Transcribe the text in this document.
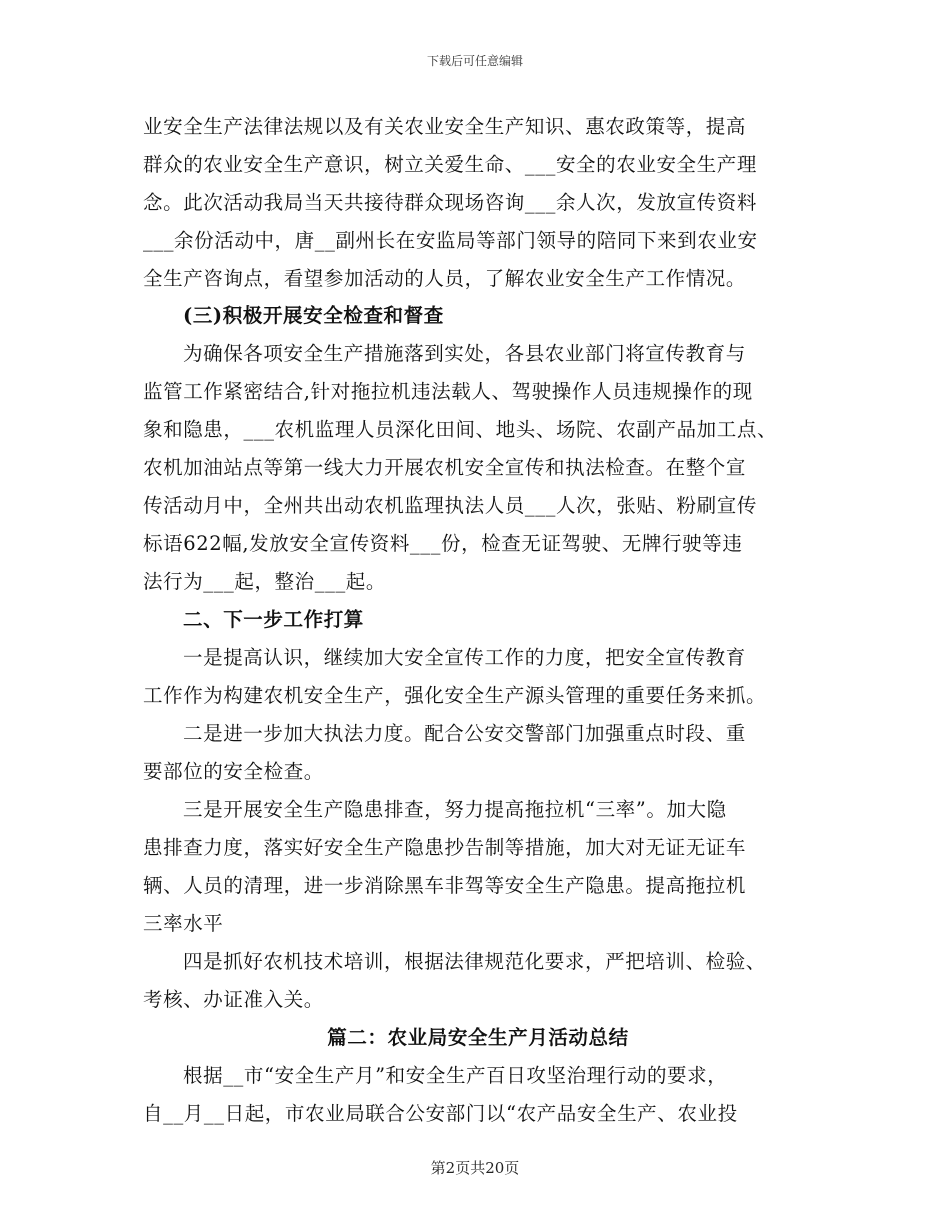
下载后可任意编辑
业安全生产法律法规以及有关农业安全生产知识、惠农政策等，提高
群众的农业安全生产意识，树立关爱生命、___安全的农业安全生产理
念。此次活动我局当天共接待群众现场咨询___余人次，发放宣传资料
___余份活动中，唐__副州长在安监局等部门领导的陪同下来到农业安
全生产咨询点，看望参加活动的人员，了解农业安全生产工作情况。
(三)积极开展安全检查和督查
为确保各项安全生产措施落到实处，各县农业部门将宣传教育与
监管工作紧密结合,针对拖拉机违法载人、驾驶操作人员违规操作的现
象和隐患，___农机监理人员深化田间、地头、场院、农副产品加工点、
农机加油站点等第一线大力开展农机安全宣传和执法检查。在整个宣
传活动月中，全州共出动农机监理执法人员___人次，张贴、粉刷宣传
标语622幅,发放安全宣传资料___份，检查无证驾驶、无牌行驶等违
法行为___起，整治___起。
二、下一步工作打算
一是提高认识，继续加大安全宣传工作的力度，把安全宣传教育
工作作为构建农机安全生产，强化安全生产源头管理的重要任务来抓。
二是进一步加大执法力度。配合公安交警部门加强重点时段、重
要部位的安全检查。
三是开展安全生产隐患排查，努力提高拖拉机“三率”。加大隐
患排查力度，落实好安全生产隐患抄告制等措施，加大对无证无证车
辆、人员的清理，进一步消除黑车非驾等安全生产隐患。提高拖拉机
三率水平
四是抓好农机技术培训，根据法律规范化要求，严把培训、检验、
考核、办证准入关。
篇二：农业局安全生产月活动总结
根据__市“安全生产月”和安全生产百日攻坚治理行动的要求，
自__月__日起，市农业局联合公安部门以“农产品安全生产、农业投
第2页共20页
